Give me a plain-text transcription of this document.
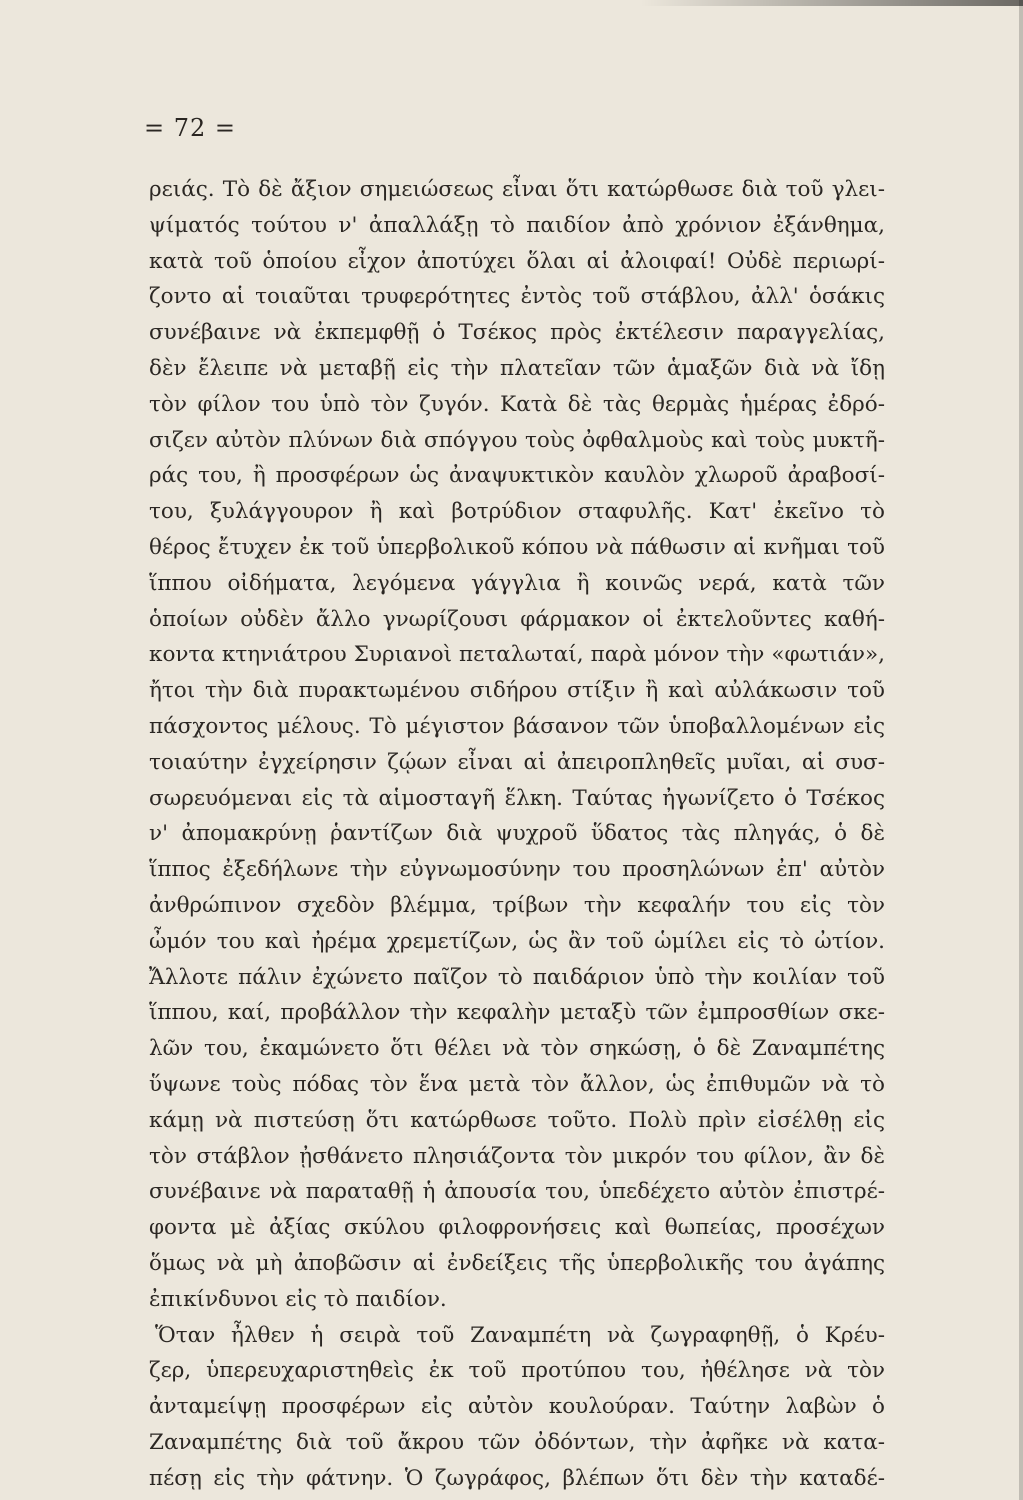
= 72 =
ρειάς. Τὸ δὲ ἄξιον σημειώσεως εἶναι ὅτι κατώρθωσε διὰ τοῦ γλει-
ψίματός τούτου ν' ἀπαλλάξῃ τὸ παιδίον ἀπὸ χρόνιον ἐξάνθημα,
κατὰ τοῦ ὁποίου εἶχον ἀποτύχει ὅλαι αἱ ἀλοιφαί! Οὐδὲ περιωρί-
ζοντο αἱ τοιαῦται τρυφερότητες ἐντὸς τοῦ στάβλου, ἀλλ' ὁσάκις
συνέβαινε νὰ ἐκπεμφθῇ ὁ Τσέκος πρὸς ἐκτέλεσιν παραγγελίας,
δὲν ἔλειπε νὰ μεταβῇ εἰς τὴν πλατεῖαν τῶν ἁμαξῶν διὰ νὰ ἴδῃ
τὸν φίλον του ὑπὸ τὸν ζυγόν. Κατὰ δὲ τὰς θερμὰς ἡμέρας ἐδρό-
σιζεν αὐτὸν πλύνων διὰ σπόγγου τοὺς ὀφθαλμοὺς καὶ τοὺς μυκτῆ-
ράς του, ἢ προσφέρων ὡς ἀναψυκτικὸν καυλὸν χλωροῦ ἀραβοσί-
του, ξυλάγγουρον ἢ καὶ βοτρύδιον σταφυλῆς. Κατ' ἐκεῖνο τὸ
θέρος ἔτυχεν ἐκ τοῦ ὑπερβολικοῦ κόπου νὰ πάθωσιν αἱ κνῆμαι τοῦ
ἵππου οἰδήματα, λεγόμενα γάγγλια ἢ κοινῶς νερά, κατὰ τῶν
ὁποίων οὐδὲν ἄλλο γνωρίζουσι φάρμακον οἱ ἐκτελοῦντες καθή-
κοντα κτηνιάτρου Συριανοὶ πεταλωταί, παρὰ μόνον τὴν «φωτιάν»,
ἤτοι τὴν διὰ πυρακτωμένου σιδήρου στίξιν ἢ καὶ αὐλάκωσιν τοῦ
πάσχοντος μέλους. Τὸ μέγιστον βάσανον τῶν ὑποβαλλομένων εἰς
τοιαύτην ἐγχείρησιν ζῴων εἶναι αἱ ἀπειροπληθεῖς μυῖαι, αἱ συσ-
σωρευόμεναι εἰς τὰ αἱμοσταγῆ ἕλκη. Ταύτας ἠγωνίζετο ὁ Τσέκος
ν' ἀπομακρύνῃ ῥαντίζων διὰ ψυχροῦ ὕδατος τὰς πληγάς, ὁ δὲ
ἵππος ἐξεδήλωνε τὴν εὐγνωμοσύνην του προσηλώνων ἐπ' αὐτὸν
ἀνθρώπινον σχεδὸν βλέμμα, τρίβων τὴν κεφαλήν του εἰς τὸν
ὦμόν του καὶ ἠρέμα χρεμετίζων, ὡς ἂν τοῦ ὡμίλει εἰς τὸ ὠτίον.
Ἄλλοτε πάλιν ἐχώνετο παῖζον τὸ παιδάριον ὑπὸ τὴν κοιλίαν τοῦ
ἵππου, καί, προβάλλον τὴν κεφαλὴν μεταξὺ τῶν ἐμπροσθίων σκε-
λῶν του, ἐκαμώνετο ὅτι θέλει νὰ τὸν σηκώσῃ, ὁ δὲ Ζαναμπέτης
ὕψωνε τοὺς πόδας τὸν ἕνα μετὰ τὸν ἄλλον, ὡς ἐπιθυμῶν νὰ τὸ
κάμῃ νὰ πιστεύσῃ ὅτι κατώρθωσε τοῦτο. Πολὺ πρὶν εἰσέλθῃ εἰς
τὸν στάβλον ᾐσθάνετο πλησιάζοντα τὸν μικρόν του φίλον, ἂν δὲ
συνέβαινε νὰ παραταθῇ ἡ ἀπουσία του, ὑπεδέχετο αὐτὸν ἐπιστρέ-
φοντα μὲ ἀξίας σκύλου φιλοφρονήσεις καὶ θωπείας, προσέχων
ὅμως νὰ μὴ ἀποβῶσιν αἱ ἐνδείξεις τῆς ὑπερβολικῆς του ἀγάπης
ἐπικίνδυνοι εἰς τὸ παιδίον.
Ὅταν ἦλθεν ἡ σειρὰ τοῦ Ζαναμπέτη νὰ ζωγραφηθῇ, ὁ Κρέυ-
ζερ, ὑπερευχαριστηθεὶς ἐκ τοῦ προτύπου του, ἠθέλησε νὰ τὸν
ἀνταμείψῃ προσφέρων εἰς αὐτὸν κουλούραν. Ταύτην λαβὼν ὁ
Ζαναμπέτης διὰ τοῦ ἄκρου τῶν ὀδόντων, τὴν ἀφῆκε νὰ κατα-
πέσῃ εἰς τὴν φάτνην. Ὁ ζωγράφος, βλέπων ὅτι δὲν τὴν καταδέ-
